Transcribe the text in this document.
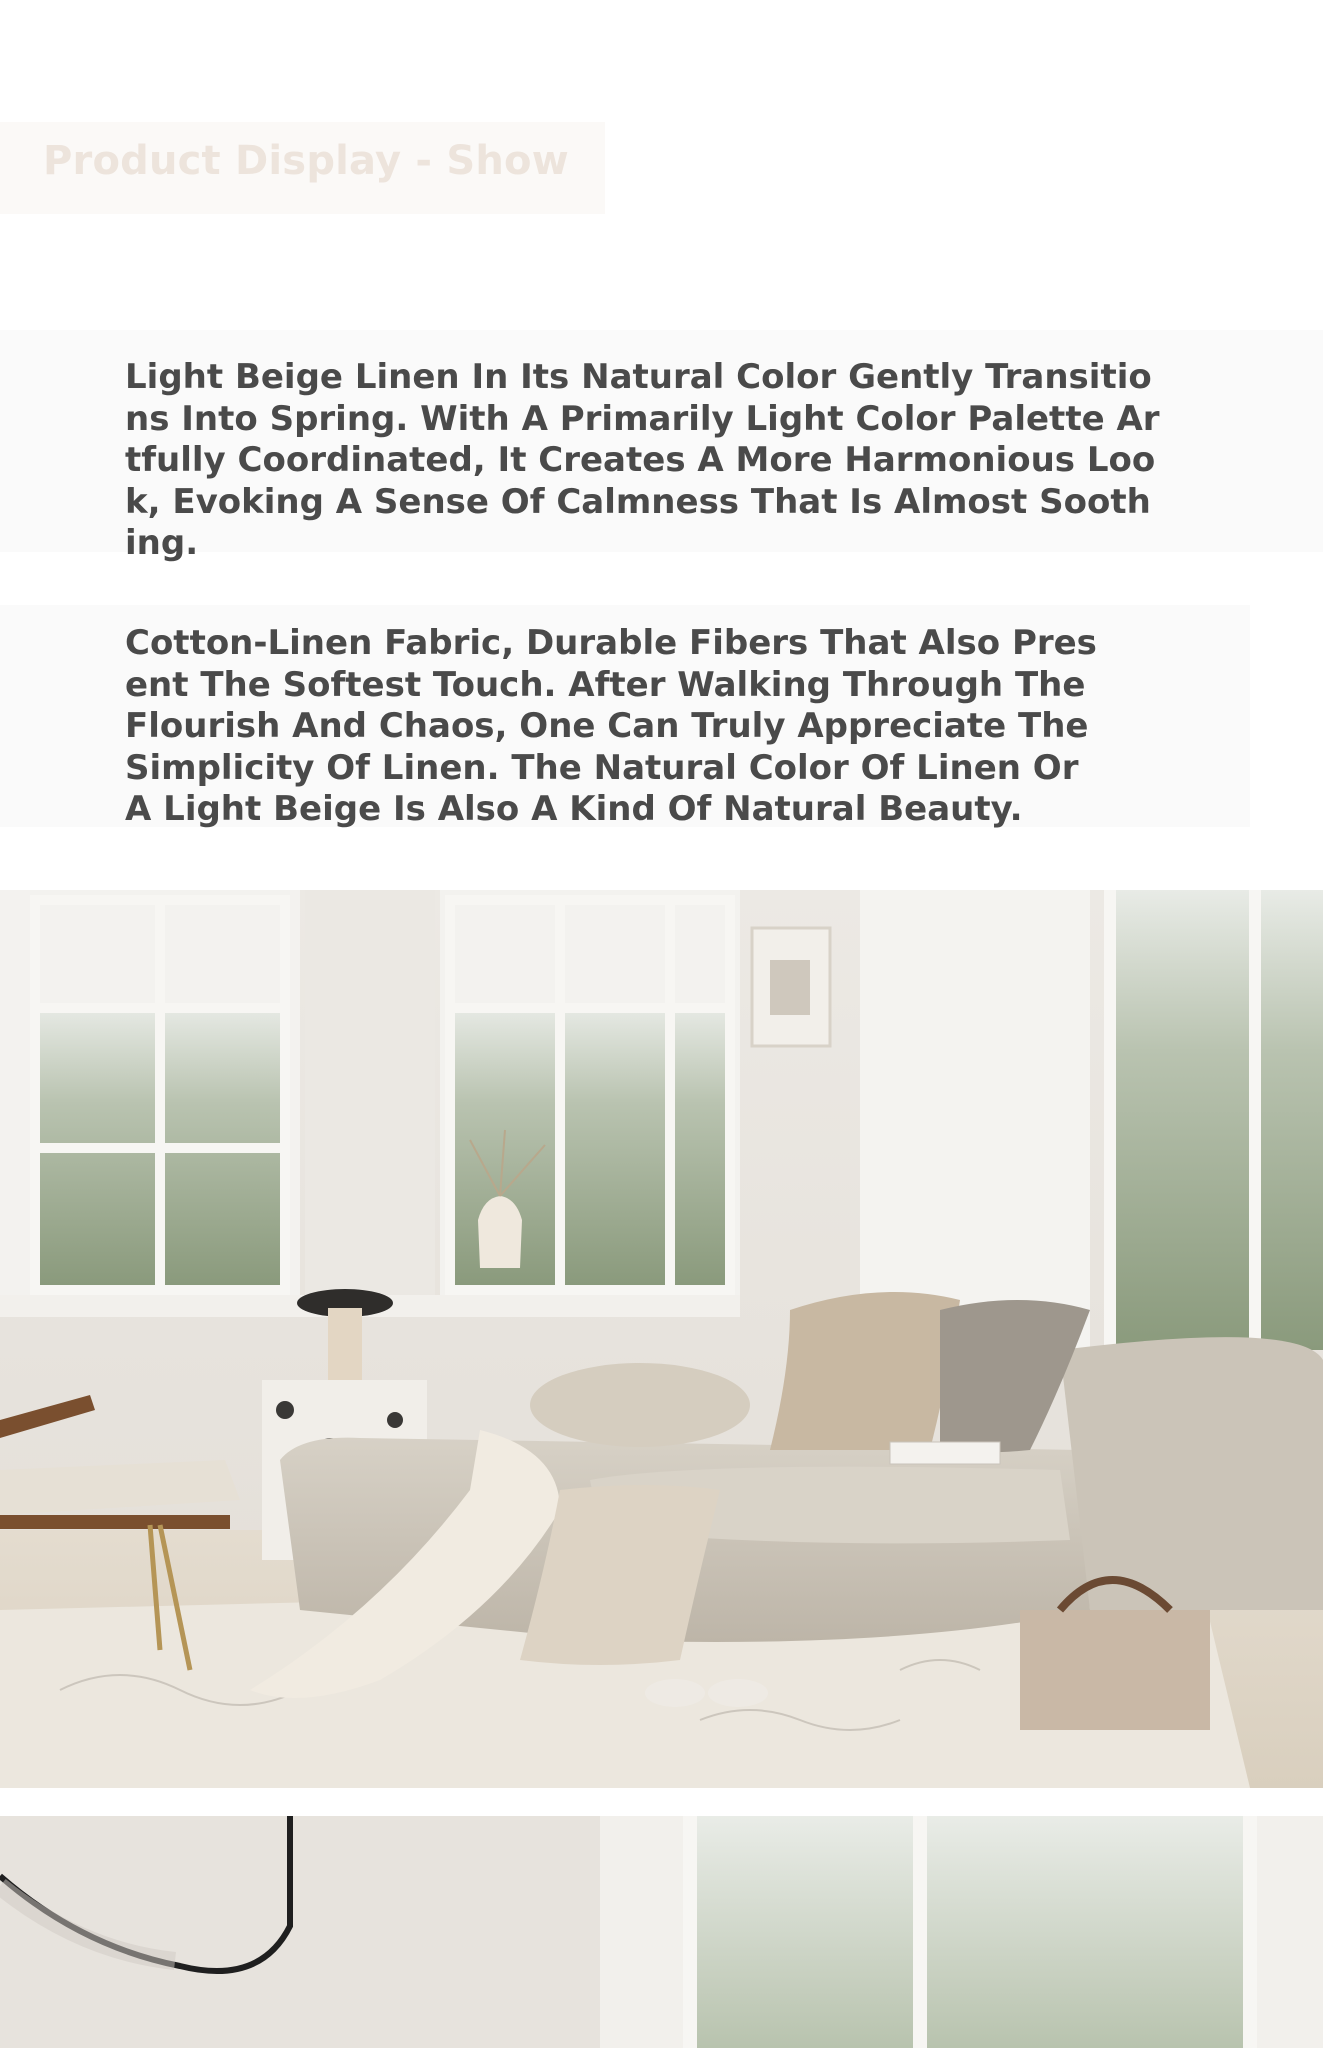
Product Display - Show

Light Beige Linen In Its Natural Color Gently Transitions Into Spring. With A Primarily Light Color Palette Artfully Coordinated, It Creates A More Harmonious Look, Evoking A Sense Of Calmness That Is Almost Soothing.

Cotton-Linen Fabric, Durable Fibers That Also Present The Softest Touch. After Walking Through The Flourish And Chaos, One Can Truly Appreciate The Simplicity Of Linen. The Natural Color Of Linen Or A Light Beige Is Also A Kind Of Natural Beauty.
